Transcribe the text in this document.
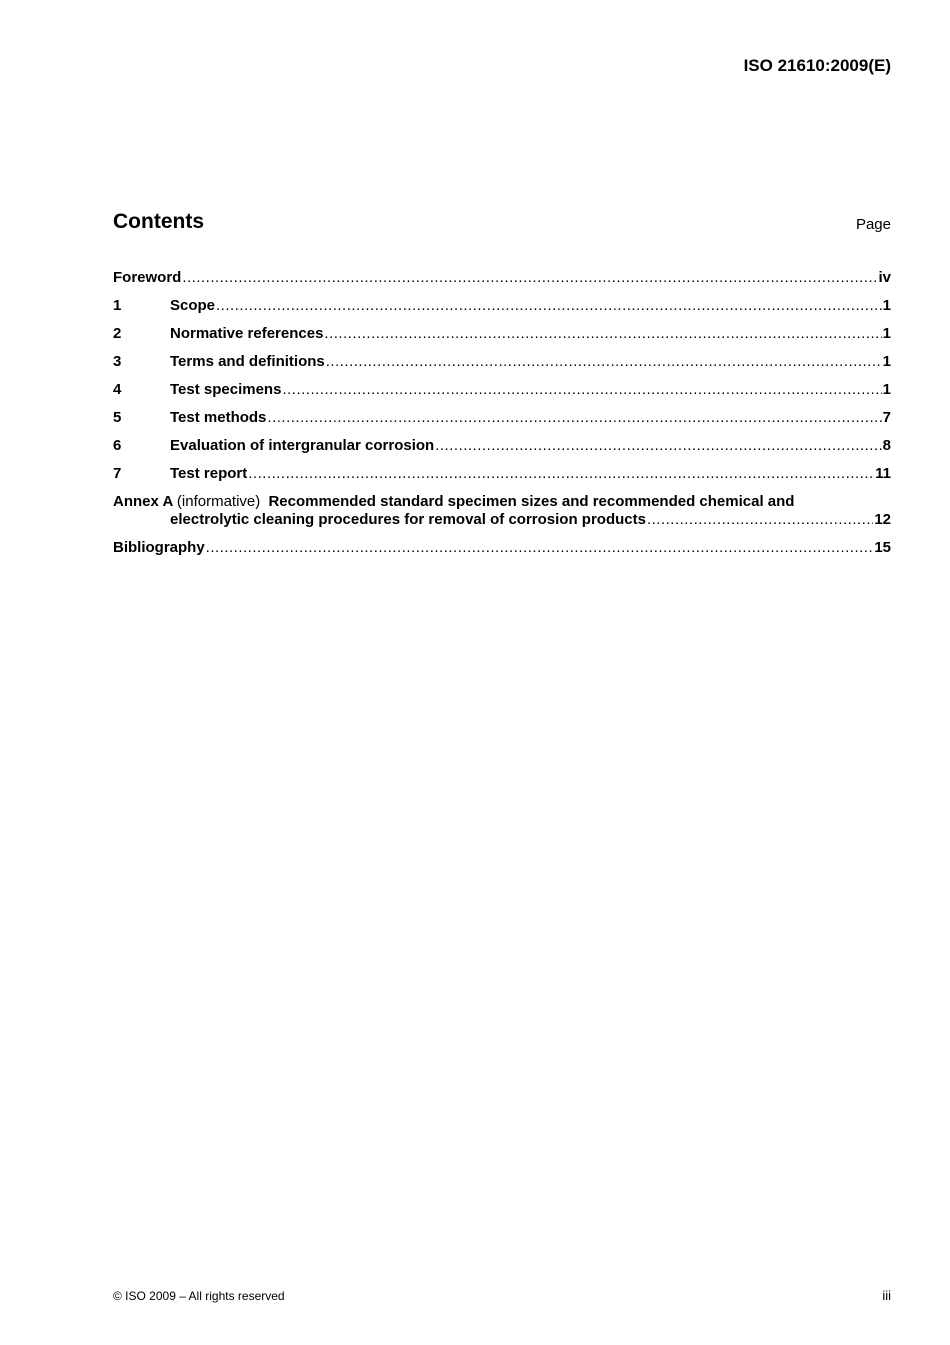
ISO 21610:2009(E)
Contents	Page
Foreword .....	iv
1	Scope .....	1
2	Normative references .....	1
3	Terms and definitions .....	1
4	Test specimens .....	1
5	Test methods .....	7
6	Evaluation of intergranular corrosion .....	8
7	Test report .....	11
Annex A (informative) Recommended standard specimen sizes and recommended chemical and
electrolytic cleaning procedures for removal of corrosion products .....	12
Bibliography .....	15
© ISO 2009 – All rights reserved	iii
